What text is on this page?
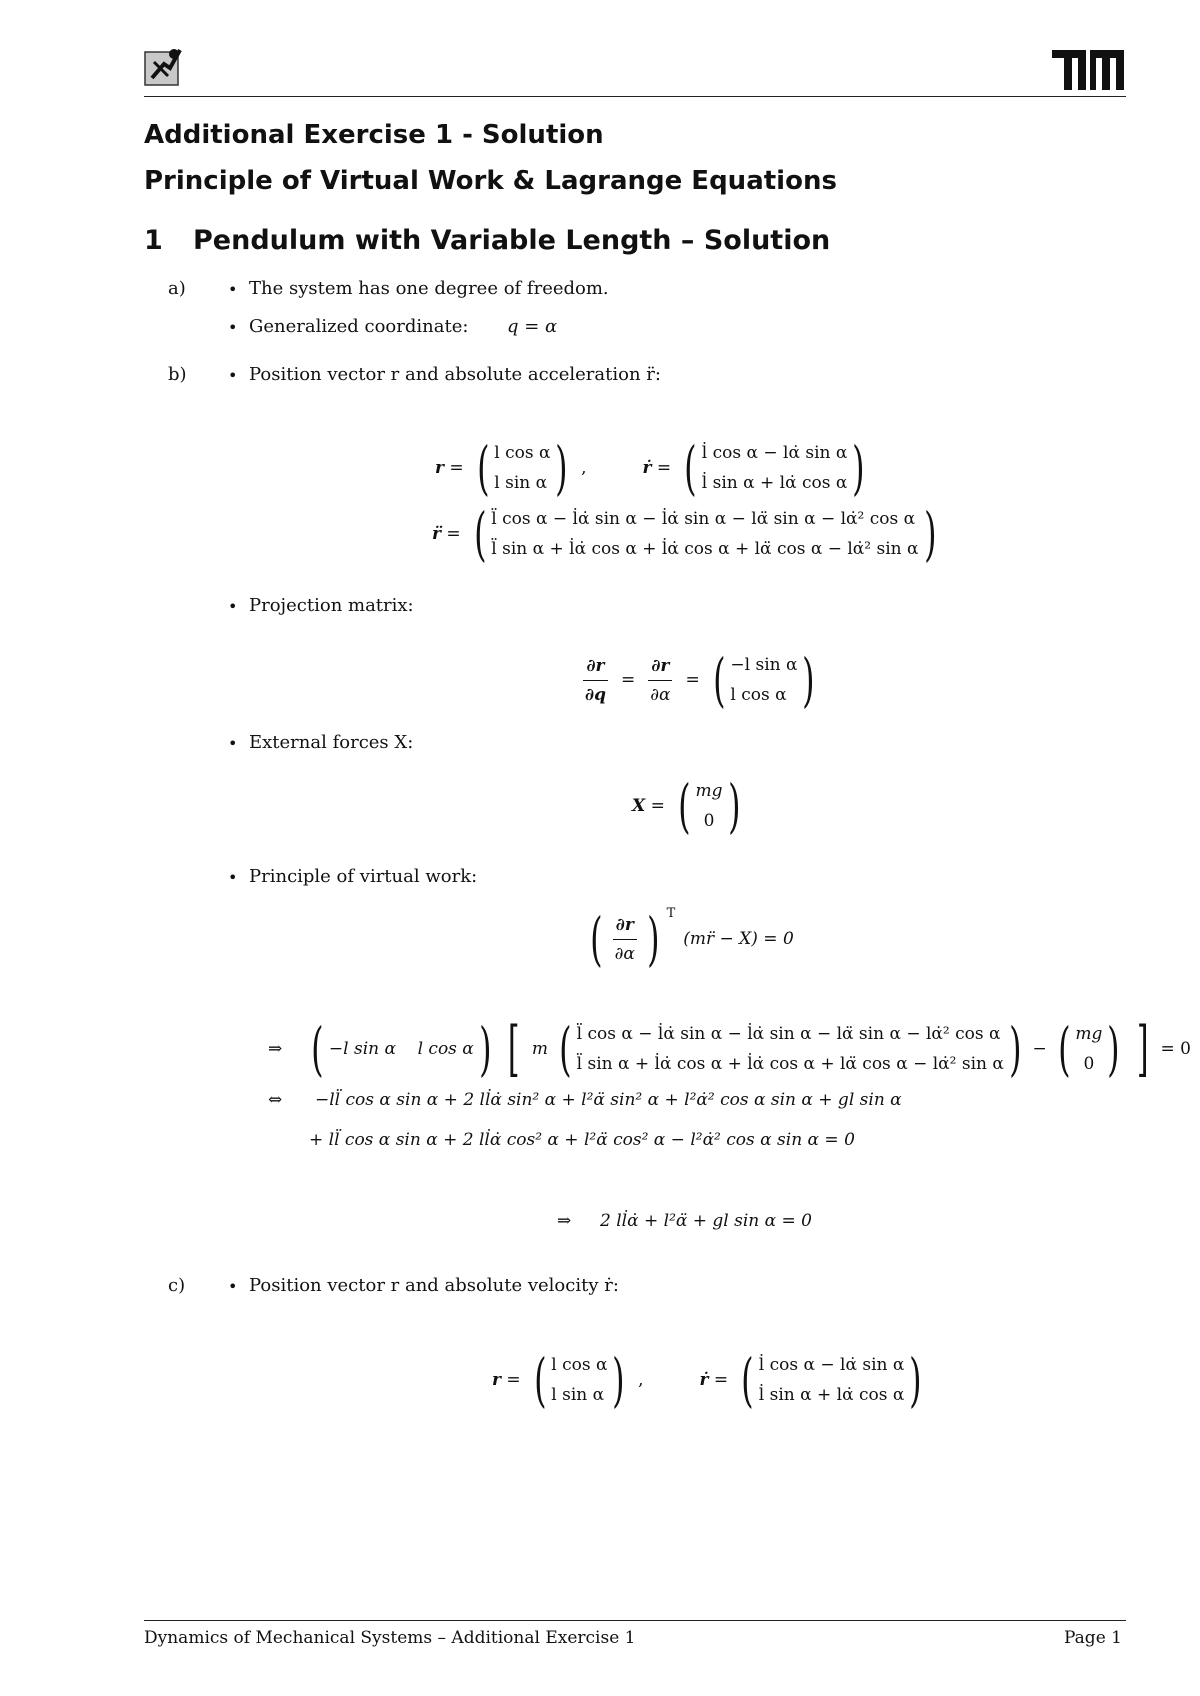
Additional Exercise 1 - Solution
Principle of Virtual Work & Lagrange Equations
1 Pendulum with Variable Length – Solution
a)	• The system has one degree of freedom.
• Generalized coordinate: q = α
b)	• Position vector r and absolute acceleration r̈:
r = ( l cos α
l sin α ) ,	ṙ = ( l̇ cos α − lα̇ sin α
l̇ sin α + lα̇ cos α )
r̈ = ( l̈ cos α − l̇α̇ sin α − l̇α̇ sin α − lα̈ sin α − lα̇² cos α
l̈ sin α + l̇α̇ cos α + l̇α̇ cos α + lα̈ cos α − lα̇² sin α )
• Projection matrix:
$\frac{\partial r}{\partial q} = \frac{\partial r}{\partial\alpha}$ = ( −l sin α
l cos α )
• External forces X:
X = ( mg
0 )
• Principle of virtual work:
( $\frac{\partial r}{\partial\alpha}$ ) T
(mr̈ − X) = 0
⇒ ( −l sin α    l cos α ) [ m ( l̈ cos α − l̇α̇ sin α − l̇α̇ sin α − lα̈ sin α − lα̇² cos α
l̈ sin α + l̇α̇ cos α + l̇α̇ cos α + lα̈ cos α − lα̇² sin α ) − ( mg
0 ) ] = 0
⇔ −ll̈ cos α sin α + 2 ll̇α̇ sin² α + l²α̈ sin² α + l²α̇² cos α sin α + gl sin α
+ ll̈ cos α sin α + 2 ll̇α̇ cos² α + l²α̈ cos² α − l²α̇² cos α sin α = 0
⇒ 2 ll̇α̇ + l²α̈ + gl sin α = 0
c)	• Position vector r and absolute velocity ṙ:
r = ( l cos α
l sin α ) ,	ṙ = ( l̇ cos α − lα̇ sin α
l̇ sin α + lα̇ cos α )
Dynamics of Mechanical Systems – Additional Exercise 1	Page 1
